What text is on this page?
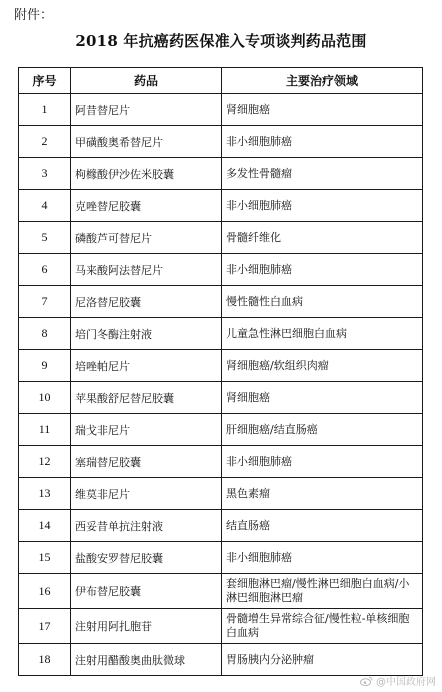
附件：
2018 年抗癌药医保准入专项谈判药品范围
序号	药品	主要治疗领域
1	阿昔替尼片	肾细胞癌
2	甲磺酸奥希替尼片	非小细胞肺癌
3	枸橼酸伊沙佐米胶囊	多发性骨髓瘤
4	克唑替尼胶囊	非小细胞肺癌
5	磷酸芦可替尼片	骨髓纤维化
6	马来酸阿法替尼片	非小细胞肺癌
7	尼洛替尼胶囊	慢性髓性白血病
8	培门冬酶注射液	儿童急性淋巴细胞白血病
9	培唑帕尼片	肾细胞癌/软组织肉瘤
10	苹果酸舒尼替尼胶囊	肾细胞癌
11	瑞戈非尼片	肝细胞癌/结直肠癌
12	塞瑞替尼胶囊	非小细胞肺癌
13	维莫非尼片	黑色素瘤
14	西妥昔单抗注射液	结直肠癌
15	盐酸安罗替尼胶囊	非小细胞肺癌
16	伊布替尼胶囊	套细胞淋巴瘤/慢性淋巴细胞白血病/小淋巴细胞淋巴瘤
17	注射用阿扎胞苷	骨髓增生异常综合征/慢性粒-单核细胞白血病
18	注射用醋酸奥曲肽微球	胃肠胰内分泌肿瘤
@中国政府网
